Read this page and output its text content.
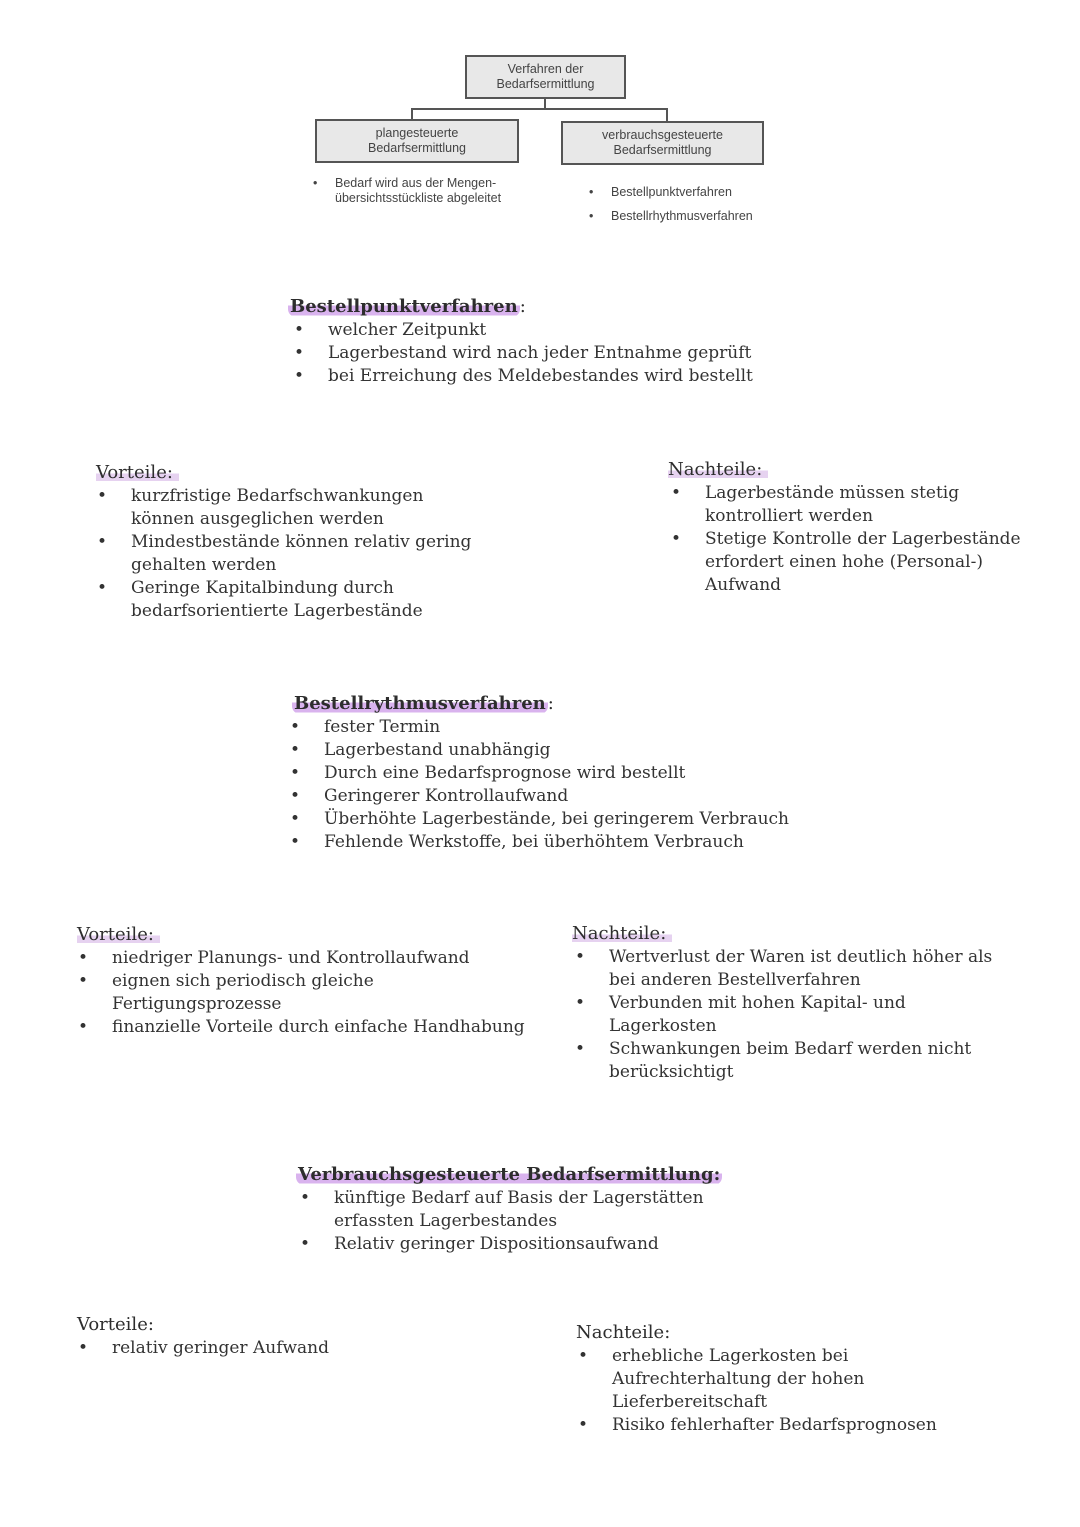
Verfahren der Bedarfsermittlung
plangesteuerte Bedarfsermittlung
verbrauchsgesteuerte Bedarfsermittlung
• Bedarf wird aus der Mengen- übersichtsstückliste abgeleitet
•	Bestellpunktverfahren
• Bestellrhythmusverfahren
Bestellpunktverfahren :
• welcher Zeitpunkt
• Lagerbestand wird nach jeder Entnahme geprüft
• bei Erreichung des Meldebestandes wird bestellt
Vorteile:
• kurzfristige Bedarfschwankungen können ausgeglichen werden
• Mindestbestände können relativ gering gehalten werden
• Geringe Kapitalbindung durch bedarfsorientierte Lagerbestände
Nachteile:
• Lagerbestände müssen stetig kontrolliert werden
• Stetige Kontrolle der Lagerbestände erfordert einen hohe (Personal-) Aufwand
Bestellrythmusverfahren :
• fester Termin
• Lagerbestand unabhängig
• Durch eine Bedarfsprognose wird bestellt
• Geringerer Kontrollaufwand
• Überhöhte Lagerbestände, bei geringerem Verbrauch
• Fehlende Werkstoffe, bei überhöhtem Verbrauch
Vorteile:
• niedriger Planungs- und Kontrollaufwand
• eignen sich periodisch gleiche Fertigungsprozesse
• finanzielle Vorteile durch einfache Handhabung
Nachteile:
• Wertverlust der Waren ist deutlich höher als bei anderen Bestellverfahren
• Verbunden mit hohen Kapital- und Lagerkosten
• Schwankungen beim Bedarf werden nicht berücksichtigt
Verbrauchsgesteuerte Bedarfsermittlung:
• künftige Bedarf auf Basis der Lagerstätten erfassten Lagerbestandes
• Relativ geringer Dispositionsaufwand
Vorteile:
• relativ geringer Aufwand
Nachteile:
• erhebliche Lagerkosten bei Aufrechterhaltung der hohen Lieferbereitschaft
• Risiko fehlerhafter Bedarfsprognosen
